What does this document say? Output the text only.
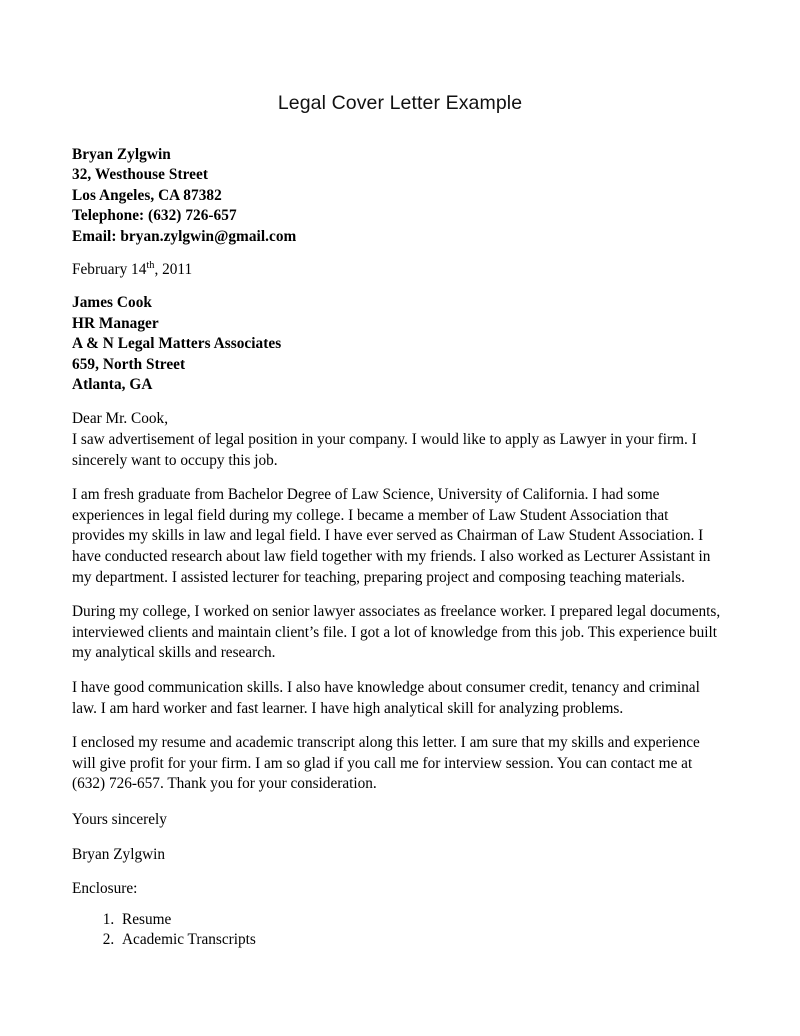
Legal Cover Letter Example
Bryan Zylgwin
32, Westhouse Street
Los Angeles, CA 87382
Telephone: (632) 726-657
Email: bryan.zylgwin@gmail.com
February 14th, 2011
James Cook
HR Manager
A & N Legal Matters Associates
659, North Street
Atlanta, GA
Dear Mr. Cook,

I saw advertisement of legal position in your company. I would like to apply as Lawyer in your firm. I sincerely want to occupy this job.

I am fresh graduate from Bachelor Degree of Law Science, University of California. I had some experiences in legal field during my college. I became a member of Law Student Association that provides my skills in law and legal field. I have ever served as Chairman of Law Student Association. I have conducted research about law field together with my friends. I also worked as Lecturer Assistant in my department. I assisted lecturer for teaching, preparing project and composing teaching materials.

During my college, I worked on senior lawyer associates as freelance worker. I prepared legal documents, interviewed clients and maintain client’s file. I got a lot of knowledge from this job. This experience built my analytical skills and research.

I have good communication skills. I also have knowledge about consumer credit, tenancy and criminal law. I am hard worker and fast learner. I have high analytical skill for analyzing problems.

I enclosed my resume and academic transcript along this letter. I am sure that my skills and experience will give profit for your firm. I am so glad if you call me for interview session. You can contact me at (632) 726-657. Thank you for your consideration.

Yours sincerely
Bryan Zylgwin
Enclosure:
1. Resume
2. Academic Transcripts
